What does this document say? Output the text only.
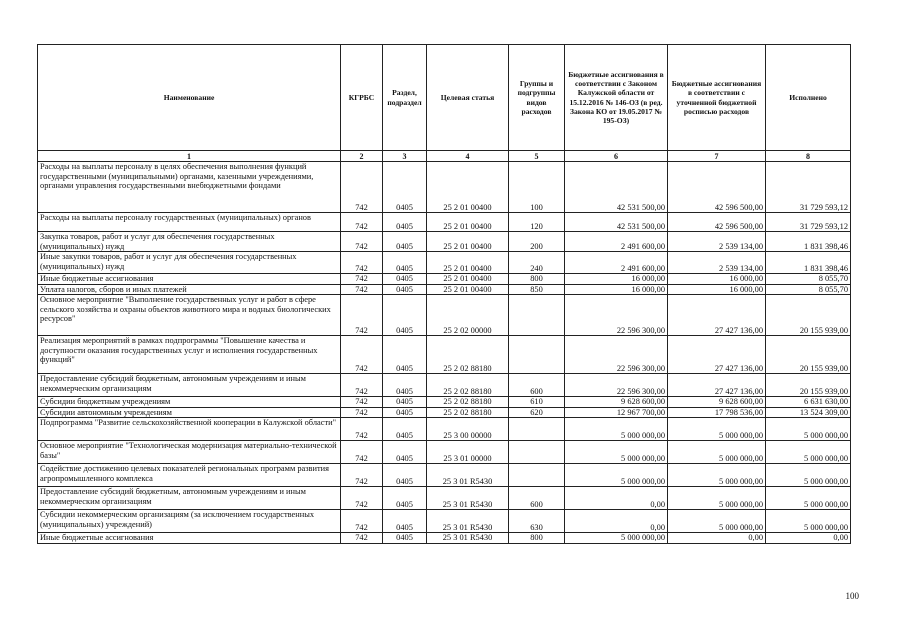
Наименование	КГРБС	Раздел, подраздел	Целевая статья	Группы и подгруппы видов расходов	Бюджетные ассигнования в соответствии с Законом Калужской области от 15.12.2016 № 146-ОЗ (в ред. Закона КО от 19.05.2017 № 195-ОЗ)	Бюджетные ассигнования в соответствии с уточненной бюджетной росписью расходов	Исполнено
1	2	3	4	5	6	7	8
Расходы на выплаты персоналу в целях обеспечения выполнения функций государственными (муниципальными) органами, казенными учреждениями, органами управления государственными внебюджетными фондами	742	0405	25 2 01 00400	100	42 531 500,00	42 596 500,00	31 729 593,12
Расходы на выплаты персоналу государственных (муниципальных) органов	742	0405	25 2 01 00400	120	42 531 500,00	42 596 500,00	31 729 593,12
Закупка товаров, работ и услуг для обеспечения государственных (муниципальных) нужд	742	0405	25 2 01 00400	200	2 491 600,00	2 539 134,00	1 831 398,46
Иные закупки товаров, работ и услуг для обеспечения государственных (муниципальных) нужд	742	0405	25 2 01 00400	240	2 491 600,00	2 539 134,00	1 831 398,46
Иные бюджетные ассигнования	742	0405	25 2 01 00400	800	16 000,00	16 000,00	8 055,70
Уплата налогов, сборов и иных платежей	742	0405	25 2 01 00400	850	16 000,00	16 000,00	8 055,70
Основное мероприятие "Выполнение государственных услуг и работ в сфере сельского хозяйства и охраны объектов животного мира и водных биологических ресурсов"	742	0405	25 2 02 00000		22 596 300,00	27 427 136,00	20 155 939,00
Реализация мероприятий в рамках подпрограммы "Повышение качества и доступности оказания государственных услуг и исполнения государственных функций"	742	0405	25 2 02 88180		22 596 300,00	27 427 136,00	20 155 939,00
Предоставление субсидий бюджетным, автономным учреждениям и иным некоммерческим организациям	742	0405	25 2 02 88180	600	22 596 300,00	27 427 136,00	20 155 939,00
Субсидии бюджетным учреждениям	742	0405	25 2 02 88180	610	9 628 600,00	9 628 600,00	6 631 630,00
Субсидии автономным учреждениям	742	0405	25 2 02 88180	620	12 967 700,00	17 798 536,00	13 524 309,00
Подпрограмма "Развитие сельскохозяйственной кооперации в Калужской области"	742	0405	25 3 00 00000		5 000 000,00	5 000 000,00	5 000 000,00
Основное мероприятие "Технологическая модернизация материально-технической базы"	742	0405	25 3 01 00000		5 000 000,00	5 000 000,00	5 000 000,00
Содействие достижению целевых показателей региональных программ развития агропромышленного комплекса	742	0405	25 3 01 R5430		5 000 000,00	5 000 000,00	5 000 000,00
Предоставление субсидий бюджетным, автономным учреждениям и иным некоммерческим организациям	742	0405	25 3 01 R5430	600	0,00	5 000 000,00	5 000 000,00
Субсидии некоммерческим организациям (за исключением государственных (муниципальных) учреждений)	742	0405	25 3 01 R5430	630	0,00	5 000 000,00	5 000 000,00
Иные бюджетные ассигнования	742	0405	25 3 01 R5430	800	5 000 000,00	0,00	0,00
100
